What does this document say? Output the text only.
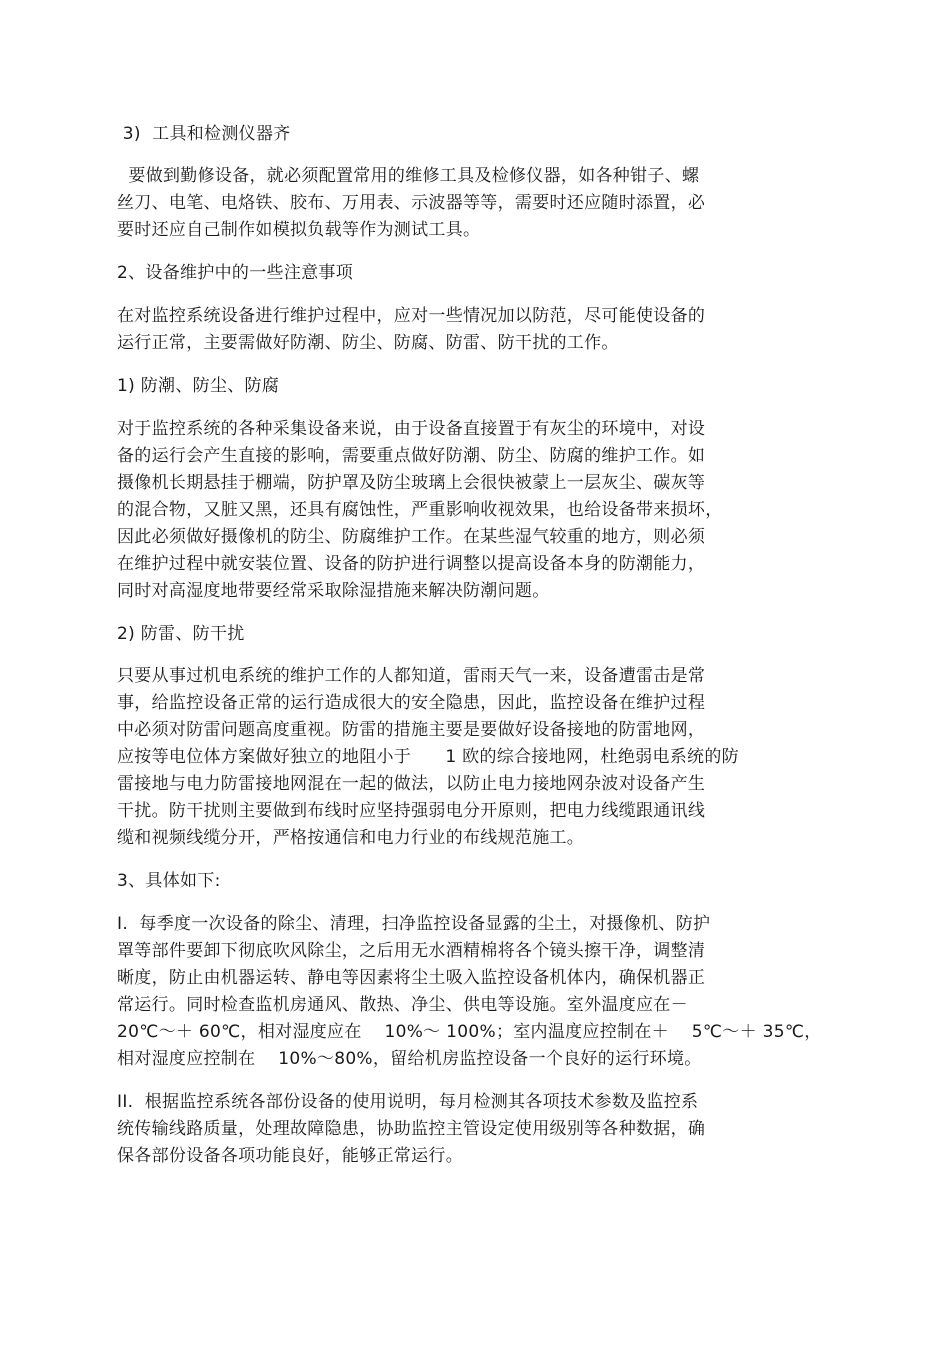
3)  工具和检测仪器齐
要做到勤修设备，就必须配置常用的维修工具及检修仪器，如各种钳子、螺
丝刀、电笔、电烙铁、胶布、万用表、示波器等等，需要时还应随时添置，必
要时还应自己制作如模拟负载等作为测试工具。
2、设备维护中的一些注意事项
在对监控系统设备进行维护过程中，应对一些情况加以防范，尽可能使设备的
运行正常，主要需做好防潮、防尘、防腐、防雷、防干扰的工作。
1) 防潮、防尘、防腐
对于监控系统的各种采集设备来说，由于设备直接置于有灰尘的环境中，对设
备的运行会产生直接的影响，需要重点做好防潮、防尘、防腐的维护工作。如
摄像机长期悬挂于棚端，防护罩及防尘玻璃上会很快被蒙上一层灰尘、碳灰等
的混合物，又脏又黑，还具有腐蚀性，严重影响收视效果，也给设备带来损坏，
因此必须做好摄像机的防尘、防腐维护工作。在某些湿气较重的地方，则必须
在维护过程中就安装位置、设备的防护进行调整以提高设备本身的防潮能力，
同时对高湿度地带要经常采取除湿措施来解决防潮问题。
2) 防雷、防干扰
只要从事过机电系统的维护工作的人都知道，雷雨天气一来，设备遭雷击是常
事，给监控设备正常的运行造成很大的安全隐患，因此，监控设备在维护过程
中必须对防雷问题高度重视。防雷的措施主要是要做好设备接地的防雷地网，
应按等电位体方案做好独立的地阻小于      1 欧的综合接地网，杜绝弱电系统的防
雷接地与电力防雷接地网混在一起的做法，以防止电力接地网杂波对设备产生
干扰。防干扰则主要做到布线时应坚持强弱电分开原则，把电力线缆跟通讯线
缆和视频线缆分开，严格按通信和电力行业的布线规范施工。
3、具体如下:
I.  每季度一次设备的除尘、清理，扫净监控设备显露的尘土，对摄像机、防护
罩等部件要卸下彻底吹风除尘，之后用无水酒精棉将各个镜头擦干净，调整清
晰度，防止由机器运转、静电等因素将尘土吸入监控设备机体内，确保机器正
常运行。同时检查监机房通风、散热、净尘、供电等设施。室外温度应在－
20℃～＋ 60℃，相对湿度应在    10%～ 100%；室内温度应控制在＋    5℃～＋ 35℃，
相对湿度应控制在    10%～80%，留给机房监控设备一个良好的运行环境。
II.  根据监控系统各部份设备的使用说明，每月检测其各项技术参数及监控系
统传输线路质量，处理故障隐患，协助监控主管设定使用级别等各种数据，确
保各部份设备各项功能良好，能够正常运行。
